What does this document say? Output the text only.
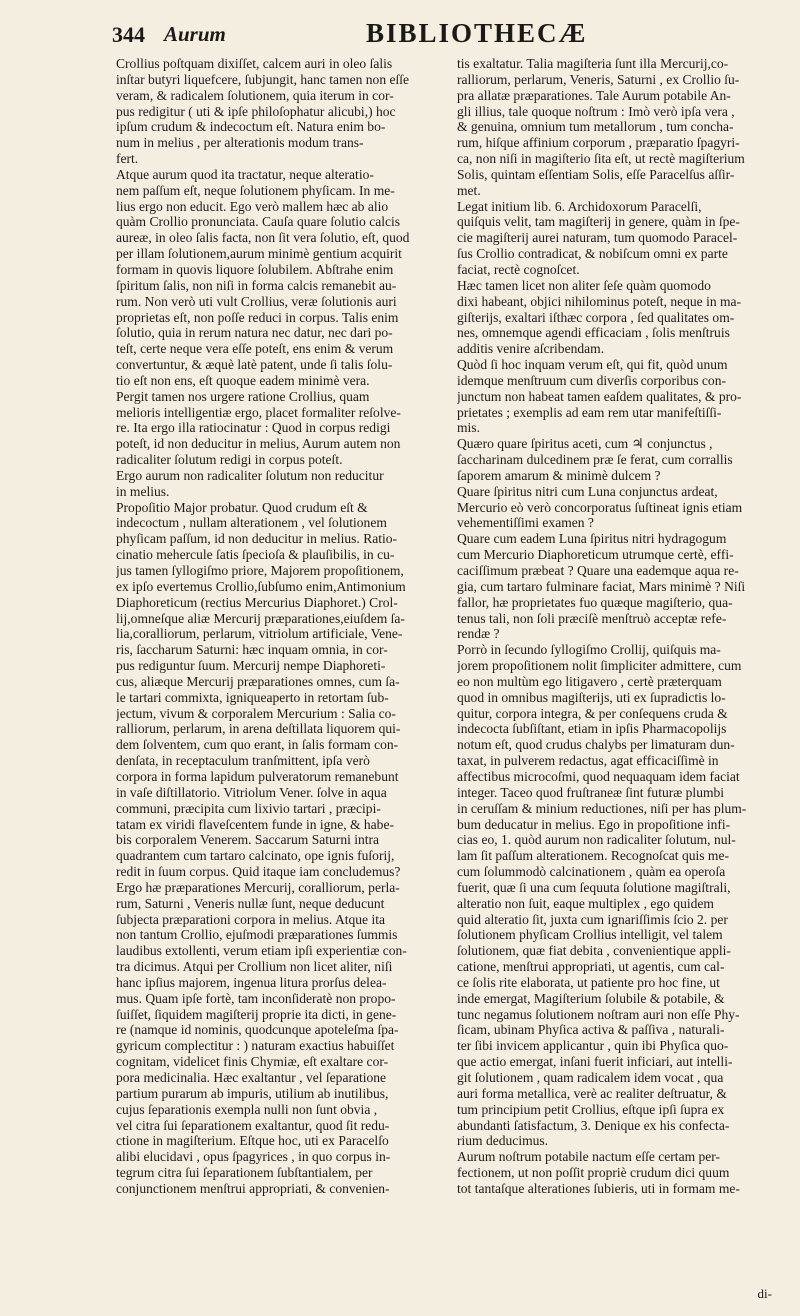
344 Aurum	BIBLIOTHECÆ
Crollius poſtquam dixiſſet, calcem auri in oleo ſalis
inſtar butyri liquefcere, ſubjungit, hanc tamen non eſſe
veram, & radicalem ſolutionem, quia iterum in cor-
pus redigitur ( uti & ipſe philoſophatur alicubi,) hoc
ipſum crudum & indecoctum eſt. Natura enim bo-
num in melius , per alterationis modum trans-
fert.
Atque aurum quod ita tractatur, neque alteratio-
nem paſſum eſt, neque ſolutionem phyſicam. In me-
lius ergo non educit. Ego verò mallem hæc ab alio
quàm Crollio pronunciata. Cauſa quare ſolutio calcis
aureæ, in oleo ſalis facta, non ſit vera ſolutio, eſt, quod
per illam ſolutionem,aurum minimè gentium acquirit
formam in quovis liquore ſolubilem. Abſtrahe enim
ſpiritum ſalis, non niſi in forma calcis remanebit au-
rum. Non verò uti vult Crollius, veræ ſolutionis auri
proprietas eſt, non poſſe reduci in corpus. Talis enim
ſolutio, quia in rerum natura nec datur, nec dari po-
teſt, certe neque vera eſſe poteſt, ens enim & verum
convertuntur, & æquè latè patent, unde ſi talis ſolu-
tio eſt non ens, eſt quoque eadem minimè vera.
Pergit tamen nos urgere ratione Crollius, quam
melioris intelligentiæ ergo, placet formaliter reſolve-
re. Ita ergo illa ratiocinatur : Quod in corpus redigi
poteſt, id non deducitur in melius, Aurum autem non
radicaliter ſolutum redigi in corpus poteſt.
Ergo aurum non radicaliter ſolutum non reducitur
in melius.
Propoſitio Major probatur. Quod crudum eſt &
indecoctum , nullam alterationem , vel ſolutionem
phyſicam paſſum, id non deducitur in melius. Ratio-
cinatio mehercule ſatis ſpecioſa & plauſibilis, in cu-
jus tamen ſyllogiſmo priore, Majorem propoſitionem,
ex ipſo evertemus Crollio,ſubſumo enim,Antimonium
Diaphoreticum (rectius Mercurius Diaphoret.) Crol-
lij,omneſque aliæ Mercurij præparationes,eiuſdem ſa-
lia,coralliorum, perlarum, vitriolum artificiale, Vene-
ris, ſaccharum Saturni: hæc inquam omnia, in cor-
pus rediguntur ſuum. Mercurij nempe Diaphoreti-
cus, aliæque Mercurij præparationes omnes, cum ſa-
le tartari commixta, igniqueaperto in retortam ſub-
jectum, vivum & corporalem Mercurium : Salia co-
ralliorum, perlarum, in arena deſtillata liquorem qui-
dem ſolventem, cum quo erant, in ſalis formam con-
denſata, in receptaculum tranſmittent, ipſa verò
corpora in forma lapidum pulveratorum remanebunt
in vaſe diſtillatorio. Vitriolum Vener. ſolve in aqua
communi, præcipita cum lixivio tartari , præcipi-
tatam ex viridi flaveſcentem funde in igne, & habe-
bis corporalem Venerem. Saccarum Saturni intra
quadrantem cum tartaro calcinato, ope ignis fuſorij,
redit in ſuum corpus. Quid itaque iam concludemus?
Ergo hæ præparationes Mercurij, coralliorum, perla-
rum, Saturni , Veneris nullæ ſunt, neque deducunt
ſubjecta præparationi corpora in melius. Atque ita
non tantum Crollio, ejuſmodi præparationes ſummis
laudibus extollenti, verum etiam ipſi experientiæ con-
tra dicimus. Atqui per Crollium non licet aliter, niſi
hanc ipſius majorem, ingenua litura prorſus delea-
mus. Quam ipſe fortè, tam inconſideratè non propo-
ſuiſſet, ſiquidem magiſterij proprie ita dicti, in gene-
re (namque id nominis, quodcunque apoteleſma ſpa-
gyricum complectitur : ) naturam exactius habuiſſet
cognitam, videlicet finis Chymiæ, eſt exaltare cor-
pora medicinalia. Hæc exaltantur , vel ſeparatione
partium purarum ab impuris, utilium ab inutilibus,
cujus ſeparationis exempla nulli non ſunt obvia ,
vel citra ſui ſeparationem exaltantur, quod ſit redu-
ctione in magiſterium. Eſtque hoc, uti ex Paracelſo
alibi elucidavi , opus ſpagyrices , in quo corpus in-
tegrum citra ſui ſeparationem ſubſtantialem, per
conjunctionem menſtrui appropriati, & convenien-
tis exaltatur. Talia magiſteria ſunt illa Mercurij,co-
ralliorum, perlarum, Veneris, Saturni , ex Crollio ſu-
pra allatæ præparationes. Tale Aurum potabile An-
gli illius, tale quoque noſtrum : Imò verò ipſa vera ,
& genuina, omnium tum metallorum , tum concha-
rum, hiſque affinium corporum , præparatio ſpagyri-
ca, non niſi in magiſterio ſita eſt, ut rectè magiſterium
Solis, quintam eſſentiam Solis, eſſe Paracelſus aſſir-
met.
Legat initium lib. 6. Archidoxorum Paracelſi,
quiſquis velit, tam magiſterij in genere, quàm in ſpe-
cie magiſterij aurei naturam, tum quomodo Paracel-
ſus Crollio contradicat, & nobiſcum omni ex parte
faciat, rectè cognoſcet.
Hæc tamen licet non aliter ſeſe quàm quomodo
dixi habeant, objici nihilominus poteſt, neque in ma-
giſterijs, exaltari iſthæc corpora , ſed qualitates om-
nes, omnemque agendi efficaciam , ſolis menſtruis
additis venire aſcribendam.
Quòd ſi hoc inquam verum eſt, qui fit, quòd unum
idemque menſtruum cum diverſis corporibus con-
junctum non habeat tamen eaſdem qualitates, & pro-
prietates ; exemplis ad eam rem utar manifeſtiſſi-
mis.
Quæro quare ſpiritus aceti, cum ♃ conjunctus ,
ſaccharinam dulcedinem præ ſe ferat, cum corrallis
ſaporem amarum & minimè dulcem ?
Quare ſpiritus nitri cum Luna conjunctus ardeat,
Mercurio eò verò concorporatus ſuſtineat ignis etiam
vehementiſſimi examen ?
Quare cum eadem Luna ſpiritus nitri hydragogum
cum Mercurio Diaphoreticum utrumque certè, effi-
caciſſimum præbeat ? Quare una eademque aqua re-
gia, cum tartaro fulminare faciat, Mars minimè ? Niſi
fallor, hæ proprietates fuo quæque magiſterio, qua-
tenus tali, non ſoli præciſè menſtruò acceptæ refe-
rendæ ?
Porrò in ſecundo ſyllogiſmo Crollij, quiſquis ma-
jorem propoſitionem nolit ſimpliciter admittere, cum
eo non multùm ego litigavero , certè præterquam
quod in omnibus magiſterijs, uti ex ſupradictis lo-
quitur, corpora integra, & per conſequens cruda &
indecocta ſubſiſtant, etiam in ipſis Pharmacopolijs
notum eſt, quod crudus chalybs per limaturam dun-
taxat, in pulverem redactus, agat efficaciſſimè in
affectibus microcoſmi, quod nequaquam idem faciat
integer. Taceo quod fruſtraneæ ſint futuræ plumbi
in ceruſſam & minium reductiones, niſi per has plum-
bum deducatur in melius. Ego in propoſitione infi-
cias eo, 1. quòd aurum non radicaliter ſolutum, nul-
lam ſit paſſum alterationem. Recognoſcat quis me-
cum ſolummodò calcinationem , quàm ea operoſa
fuerit, quæ ſi una cum ſequuta ſolutione magiſtrali,
alteratio non ſuit, eaque multiplex , ego quidem
quid alteratio ſit, juxta cum ignariſſimis ſcio 2. per
ſolutionem phyſicam Crollius intelligit, vel talem
ſolutionem, quæ fiat debita , convenientique appli-
catione, menſtrui appropriati, ut agentis, cum cal-
ce ſolis rite elaborata, ut patiente pro hoc fine, ut
inde emergat, Magiſterium ſolubile & potabile, &
tunc negamus ſolutionem noſtram auri non eſſe Phy-
ſicam, ubinam Phyſica activa & paſſiva , naturali-
ter ſibi invicem applicantur , quin ibi Phyſica quo-
que actio emergat, inſani fuerit inficiari, aut intelli-
git ſolutionem , quam radicalem idem vocat , qua
auri forma metallica, verè ac realiter deſtruatur, &
tum principium petit Crollius, eſtque ipſi ſupra ex
abundanti ſatisfactum, 3. Denique ex his confecta-
rium deducimus.
Aurum noſtrum potabile nactum eſſe certam per-
fectionem, ut non poſſit propriè crudum dici quum
tot tantaſque alterationes ſubieris, uti in formam me-
di-
